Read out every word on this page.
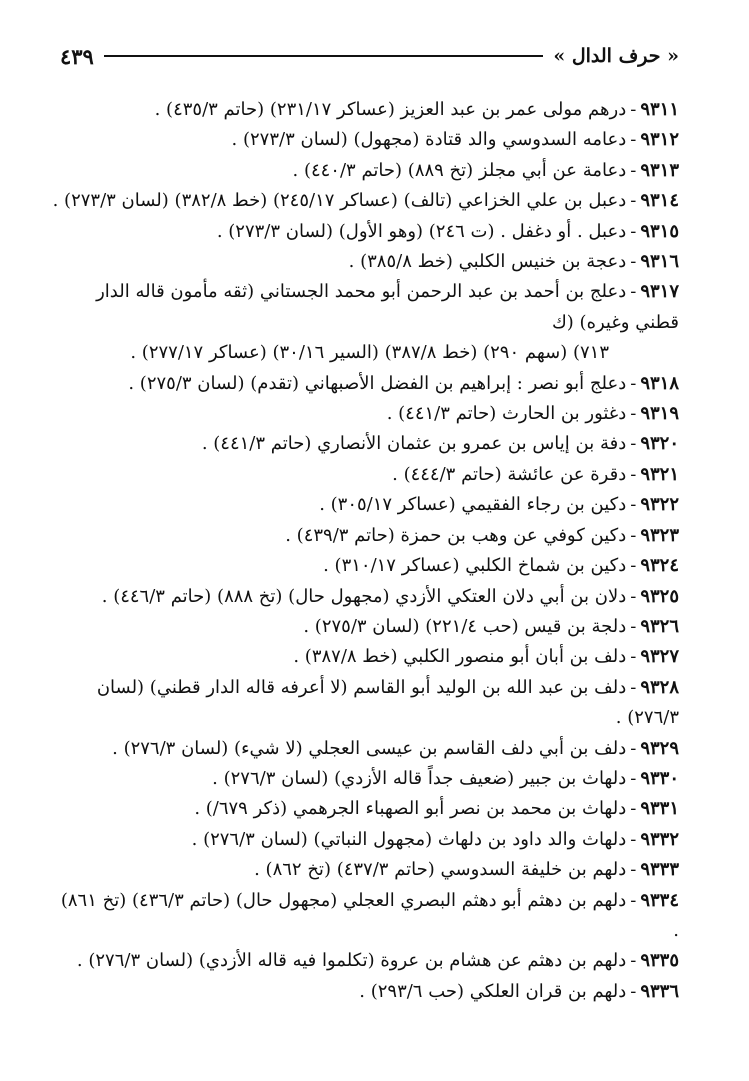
« حرف الدال »
٤٣٩
٩٣١١-درهم مولى عمر بن عبد العزيز (عساكر ٢٣١/١٧) (حاتم ٤٣٥/٣) .
٩٣١٢-دعامه السدوسي والد قتادة (مجهول) (لسان ٢٧٣/٣) .
٩٣١٣-دعامة عن أبي مجلز (تخ ٨٨٩) (حاتم ٤٤٠/٣) .
٩٣١٤-دعبل بن علي الخزاعي (تالف) (عساكر ٢٤٥/١٧) (خط ٣٨٢/٨) (لسان ٢٧٣/٣) .
٩٣١٥-دعبل . أو دغفل . (ت ٢٤٦) (وهو الأول) (لسان ٢٧٣/٣) .
٩٣١٦-دعجة بن خنيس الكلبي (خط ٣٨٥/٨) .
٩٣١٧-دعلج بن أحمد بن عبد الرحمن أبو محمد الجستاني (ثقه مأمون قاله الدار قطني وغيره) (ك
٧١٣) (سهم ٢٩٠) (خط ٣٨٧/٨) (السير ٣٠/١٦) (عساكر ٢٧٧/١٧) .
٩٣١٨-دعلج أبو نصر : إبراهيم بن الفضل الأصبهاني (تقدم) (لسان ٢٧٥/٣) .
٩٣١٩-دغثور بن الحارث (حاتم ٤٤١/٣) .
٩٣٢٠-دفة بن إياس بن عمرو بن عثمان الأنصاري (حاتم ٤٤١/٣) .
٩٣٢١-دقرة عن عائشة (حاتم ٤٤٤/٣) .
٩٣٢٢-دكين بن رجاء الفقيمي (عساكر ٣٠٥/١٧) .
٩٣٢٣-دكين كوفي عن وهب بن حمزة (حاتم ٤٣٩/٣) .
٩٣٢٤-دكين بن شماخ الكلبي (عساكر ٣١٠/١٧) .
٩٣٢٥-دلان بن أبي دلان العتكي الأزدي (مجهول حال) (تخ ٨٨٨) (حاتم ٤٤٦/٣) .
٩٣٢٦-دلجة بن قيس (حب ٢٢١/٤) (لسان ٢٧٥/٣) .
٩٣٢٧-دلف بن أبان أبو منصور الكلبي (خط ٣٨٧/٨) .
٩٣٢٨-دلف بن عبد الله بن الوليد أبو القاسم (لا أعرفه قاله الدار قطني) (لسان ٢٧٦/٣) .
٩٣٢٩-دلف بن أبي دلف القاسم بن عيسى العجلي (لا شيء) (لسان ٢٧٦/٣) .
٩٣٣٠-دلهاث بن جبير (ضعيف جداً قاله الأزدي) (لسان ٢٧٦/٣) .
٩٣٣١-دلهاث بن محمد بن نصر أبو الصهباء الجرهمي (ذكر ٦٧٩/) .
٩٣٣٢-دلهاث والد داود بن دلهاث (مجهول النباتي) (لسان ٢٧٦/٣) .
٩٣٣٣-دلهم بن خليفة السدوسي (حاتم ٤٣٧/٣) (تخ ٨٦٢) .
٩٣٣٤-دلهم بن دهثم أبو دهثم البصري العجلي (مجهول حال) (حاتم ٤٣٦/٣) (تخ ٨٦١) .
٩٣٣٥-دلهم بن دهثم عن هشام بن عروة (تكلموا فيه قاله الأزدي) (لسان ٢٧٦/٣) .
٩٣٣٦-دلهم بن قران العلكي (حب ٢٩٣/٦) .
